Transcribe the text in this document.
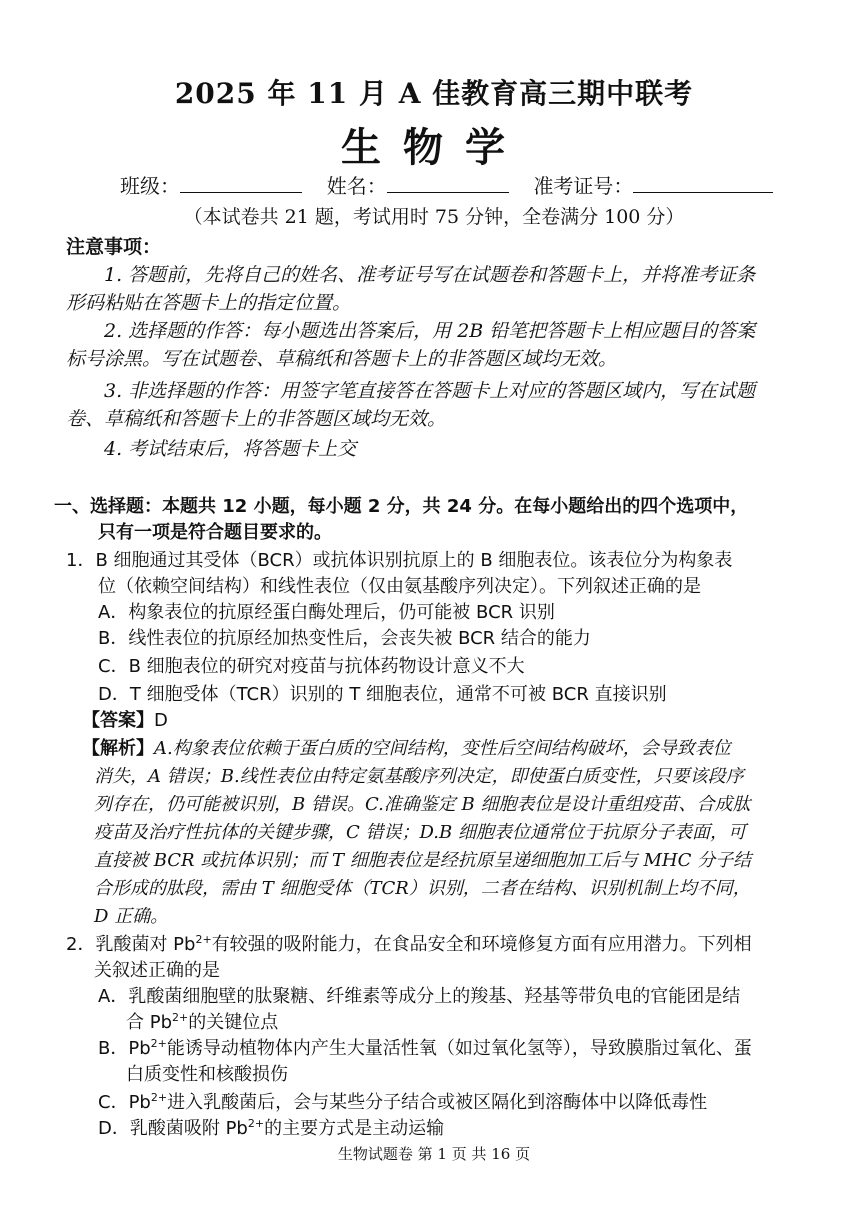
2025 年 11 月 A 佳教育高三期中联考
生物学
班级：	姓名：	准考证号：
（本试卷共 21 题，考试用时 75 分钟，全卷满分 100 分）
注意事项：
1. 答题前，先将自己的姓名、准考证号写在试题卷和答题卡上，并将准考证条
形码粘贴在答题卡上的指定位置。
2. 选择题的作答：每小题选出答案后，用 2B 铅笔把答题卡上相应题目的答案
标号涂黑。写在试题卷、草稿纸和答题卡上的非答题区域均无效。
3. 非选择题的作答：用签字笔直接答在答题卡上对应的答题区域内，写在试题
卷、草稿纸和答题卡上的非答题区域均无效。
4. 考试结束后，将答题卡上交
一、选择题：本题共 12 小题，每小题 2 分，共 24 分。在每小题给出的四个选项中，
只有一项是符合题目要求的。
1．B 细胞通过其受体（BCR）或抗体识别抗原上的 B 细胞表位。该表位分为构象表
位（依赖空间结构）和线性表位（仅由氨基酸序列决定）。下列叙述正确的是
A．构象表位的抗原经蛋白酶处理后，仍可能被 BCR 识别
B．线性表位的抗原经加热变性后，会丧失被 BCR 结合的能力
C．B 细胞表位的研究对疫苗与抗体药物设计意义不大
D．T 细胞受体（TCR）识别的 T 细胞表位，通常不可被 BCR 直接识别
【答案】D
【解析】A.构象表位依赖于蛋白质的空间结构，变性后空间结构破坏，会导致表位
消失，A 错误；B.线性表位由特定氨基酸序列决定，即使蛋白质变性，只要该段序
列存在，仍可能被识别，B 错误。C.准确鉴定 B 细胞表位是设计重组疫苗、合成肽
疫苗及治疗性抗体的关键步骤，C 错误；D.B 细胞表位通常位于抗原分子表面，可
直接被 BCR 或抗体识别；而 T 细胞表位是经抗原呈递细胞加工后与 MHC 分子结
合形成的肽段，需由 T 细胞受体（TCR）识别，二者在结构、识别机制上均不同，
D 正确。
2．乳酸菌对 $Pb^{2+}$有较强的吸附能力，在食品安全和环境修复方面有应用潜力。下列相
关叙述正确的是
A．乳酸菌细胞壁的肽聚糖、纤维素等成分上的羧基、羟基等带负电的官能团是结
合 $Pb^{2+}$的关键位点
B．$Pb^{2+}$能诱导动植物体内产生大量活性氧（如过氧化氢等），导致膜脂过氧化、蛋
白质变性和核酸损伤
C．$Pb^{2+}$进入乳酸菌后，会与某些分子结合或被区隔化到溶酶体中以降低毒性
D．乳酸菌吸附 $Pb^{2+}$的主要方式是主动运输
生物试题卷 第 1 页 共 16 页
